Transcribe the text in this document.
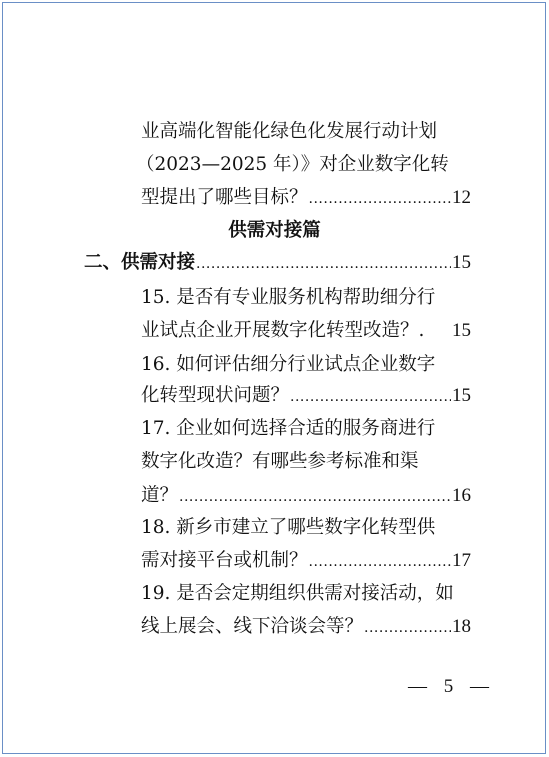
业高端化智能化绿色化发展行动计划
（2023—2025 年）》对企业数字化转
型提出了哪些目标？ .....	12
供需对接篇
二、供需对接 .....	15
15. 是否有专业服务机构帮助细分行
业试点企业开展数字化转型改造？. 15
16. 如何评估细分行业试点企业数字
化转型现状问题？ .....	15
17. 企业如何选择合适的服务商进行
数字化改造？有哪些参考标准和渠
道？ .....	16
18. 新乡市建立了哪些数字化转型供
需对接平台或机制？ .....	17
19. 是否会定期组织供需对接活动，如
线上展会、线下洽谈会等？ .....	18
— 5 —
